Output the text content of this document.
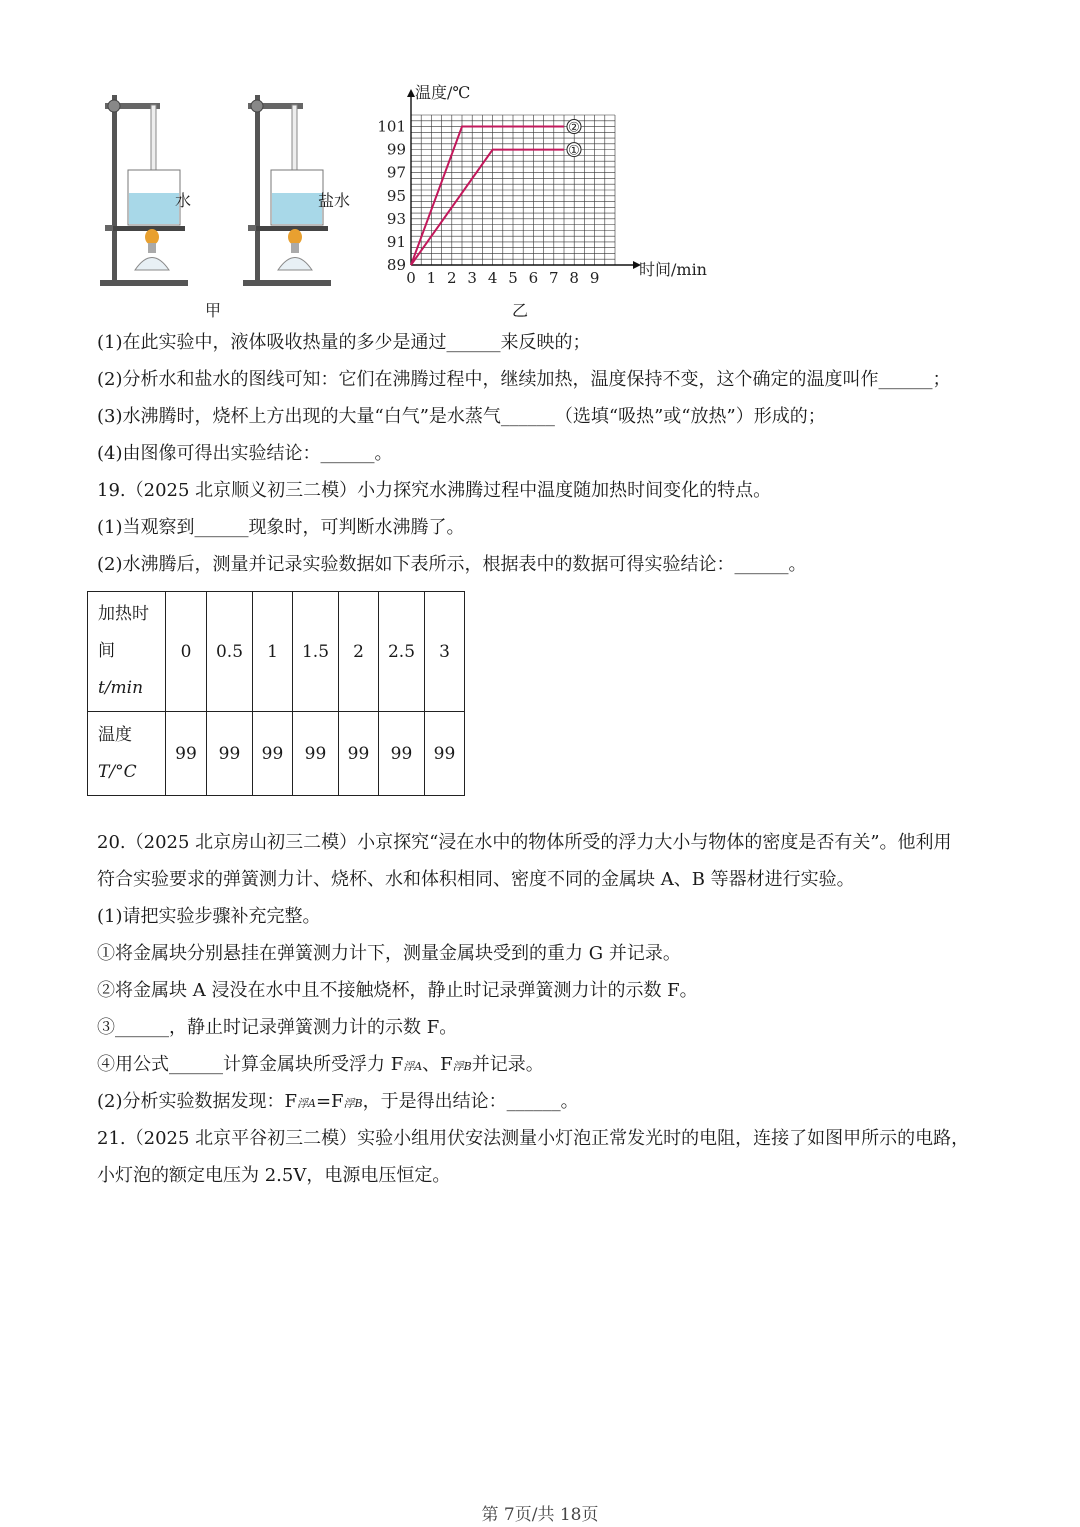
水	盐水
甲
②
①
101
99
97
95
93
91
89
0 1 2 3 4 5 6 7 8 9
温度/℃
时间/min
乙
(1)在此实验中，液体吸收热量的多少是通过______来反映的；
(2)分析水和盐水的图线可知：它们在沸腾过程中，继续加热，温度保持不变，这个确定的温度叫作______；
(3)水沸腾时，烧杯上方出现的大量“白气”是水蒸气______（选填“吸热”或“放热”）形成的；
(4)由图像可得出实验结论：______。
19.（2025 北京顺义初三二模）小力探究水沸腾过程中温度随加热时间变化的特点。
(1)当观察到______现象时，可判断水沸腾了。
(2)水沸腾后，测量并记录实验数据如下表所示，根据表中的数据可得实验结论：______。
加热时
间
t/min	0	0.5	1	1.5	2	2.5	3

温度
T/°C	99	99	99	99	99	99	99
20.（2025 北京房山初三二模）小京探究“浸在水中的物体所受的浮力大小与物体的密度是否有关”。他利用
符合实验要求的弹簧测力计、烧杯、水和体积相同、密度不同的金属块 A、B 等器材进行实验。
(1)请把实验步骤补充完整。
①将金属块分别悬挂在弹簧测力计下，测量金属块受到的重力 G 并记录。
②将金属块 A 浸没在水中且不接触烧杯，静止时记录弹簧测力计的示数 F。
③______，静止时记录弹簧测力计的示数 F。
④用公式______计算金属块所受浮力 F浮A、F浮B并记录。
(2)分析实验数据发现：F浮A=F浮B，于是得出结论：______。
21.（2025 北京平谷初三二模）实验小组用伏安法测量小灯泡正常发光时的电阻，连接了如图甲所示的电路，
小灯泡的额定电压为 2.5V，电源电压恒定。
第 7页/共 18页
